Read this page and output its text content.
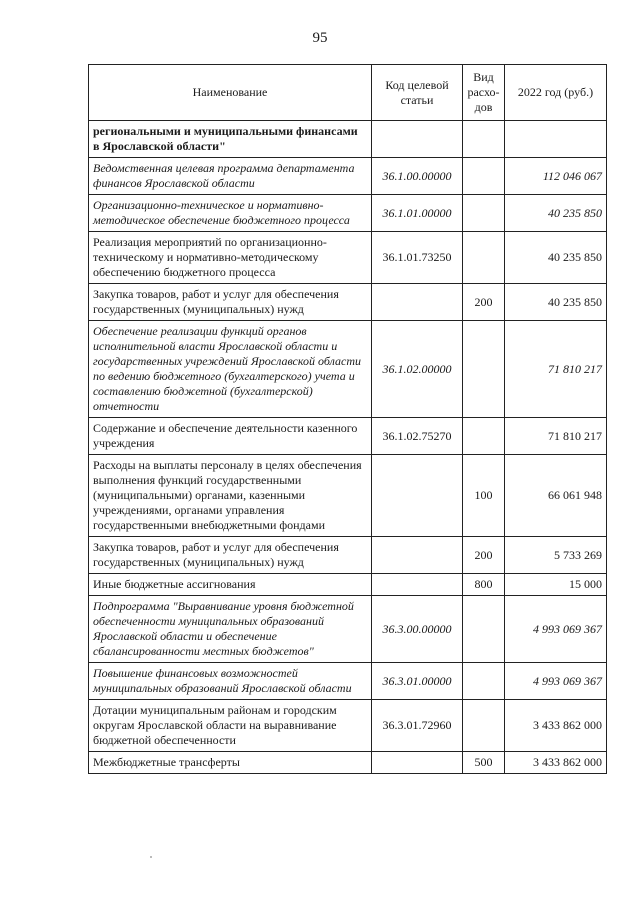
95
Наименование	Код целевой статьи	Вид расхо-дов	2022 год (руб.)
региональными и муниципальными финансами в Ярославской области"			
Ведомственная целевая программа департамента финансов Ярославской области	36.1.00.00000		112 046 067
Организационно-техническое и нормативно-методическое обеспечение бюджетного процесса	36.1.01.00000		40 235 850
Реализация мероприятий по организационно-техническому и нормативно-методическому обеспечению бюджетного процесса	36.1.01.73250		40 235 850
Закупка товаров, работ и услуг для обеспечения государственных (муниципальных) нужд		200	40 235 850
Обеспечение реализации функций органов исполнительной власти Ярославской области и государственных учреждений Ярославской области по ведению бюджетного (бухгалтерского) учета и составлению бюджетной (бухгалтерской) отчетности	36.1.02.00000		71 810 217
Содержание и обеспечение деятельности казенного учреждения	36.1.02.75270		71 810 217
Расходы на выплаты персоналу в целях обеспечения выполнения функций государственными (муниципальными) органами, казенными учреждениями, органами управления государственными внебюджетными фондами		100	66 061 948
Закупка товаров, работ и услуг для обеспечения государственных (муниципальных) нужд		200	5 733 269
Иные бюджетные ассигнования		800	15 000
Подпрограмма "Выравнивание уровня бюджетной обеспеченности муниципальных образований Ярославской области и обеспечение сбалансированности местных бюджетов"	36.3.00.00000		4 993 069 367
Повышение финансовых возможностей муниципальных образований Ярославской области	36.3.01.00000		4 993 069 367
Дотации муниципальным районам и городским округам Ярославской области на выравнивание бюджетной обеспеченности	36.3.01.72960		3 433 862 000
Межбюджетные трансферты		500	3 433 862 000
